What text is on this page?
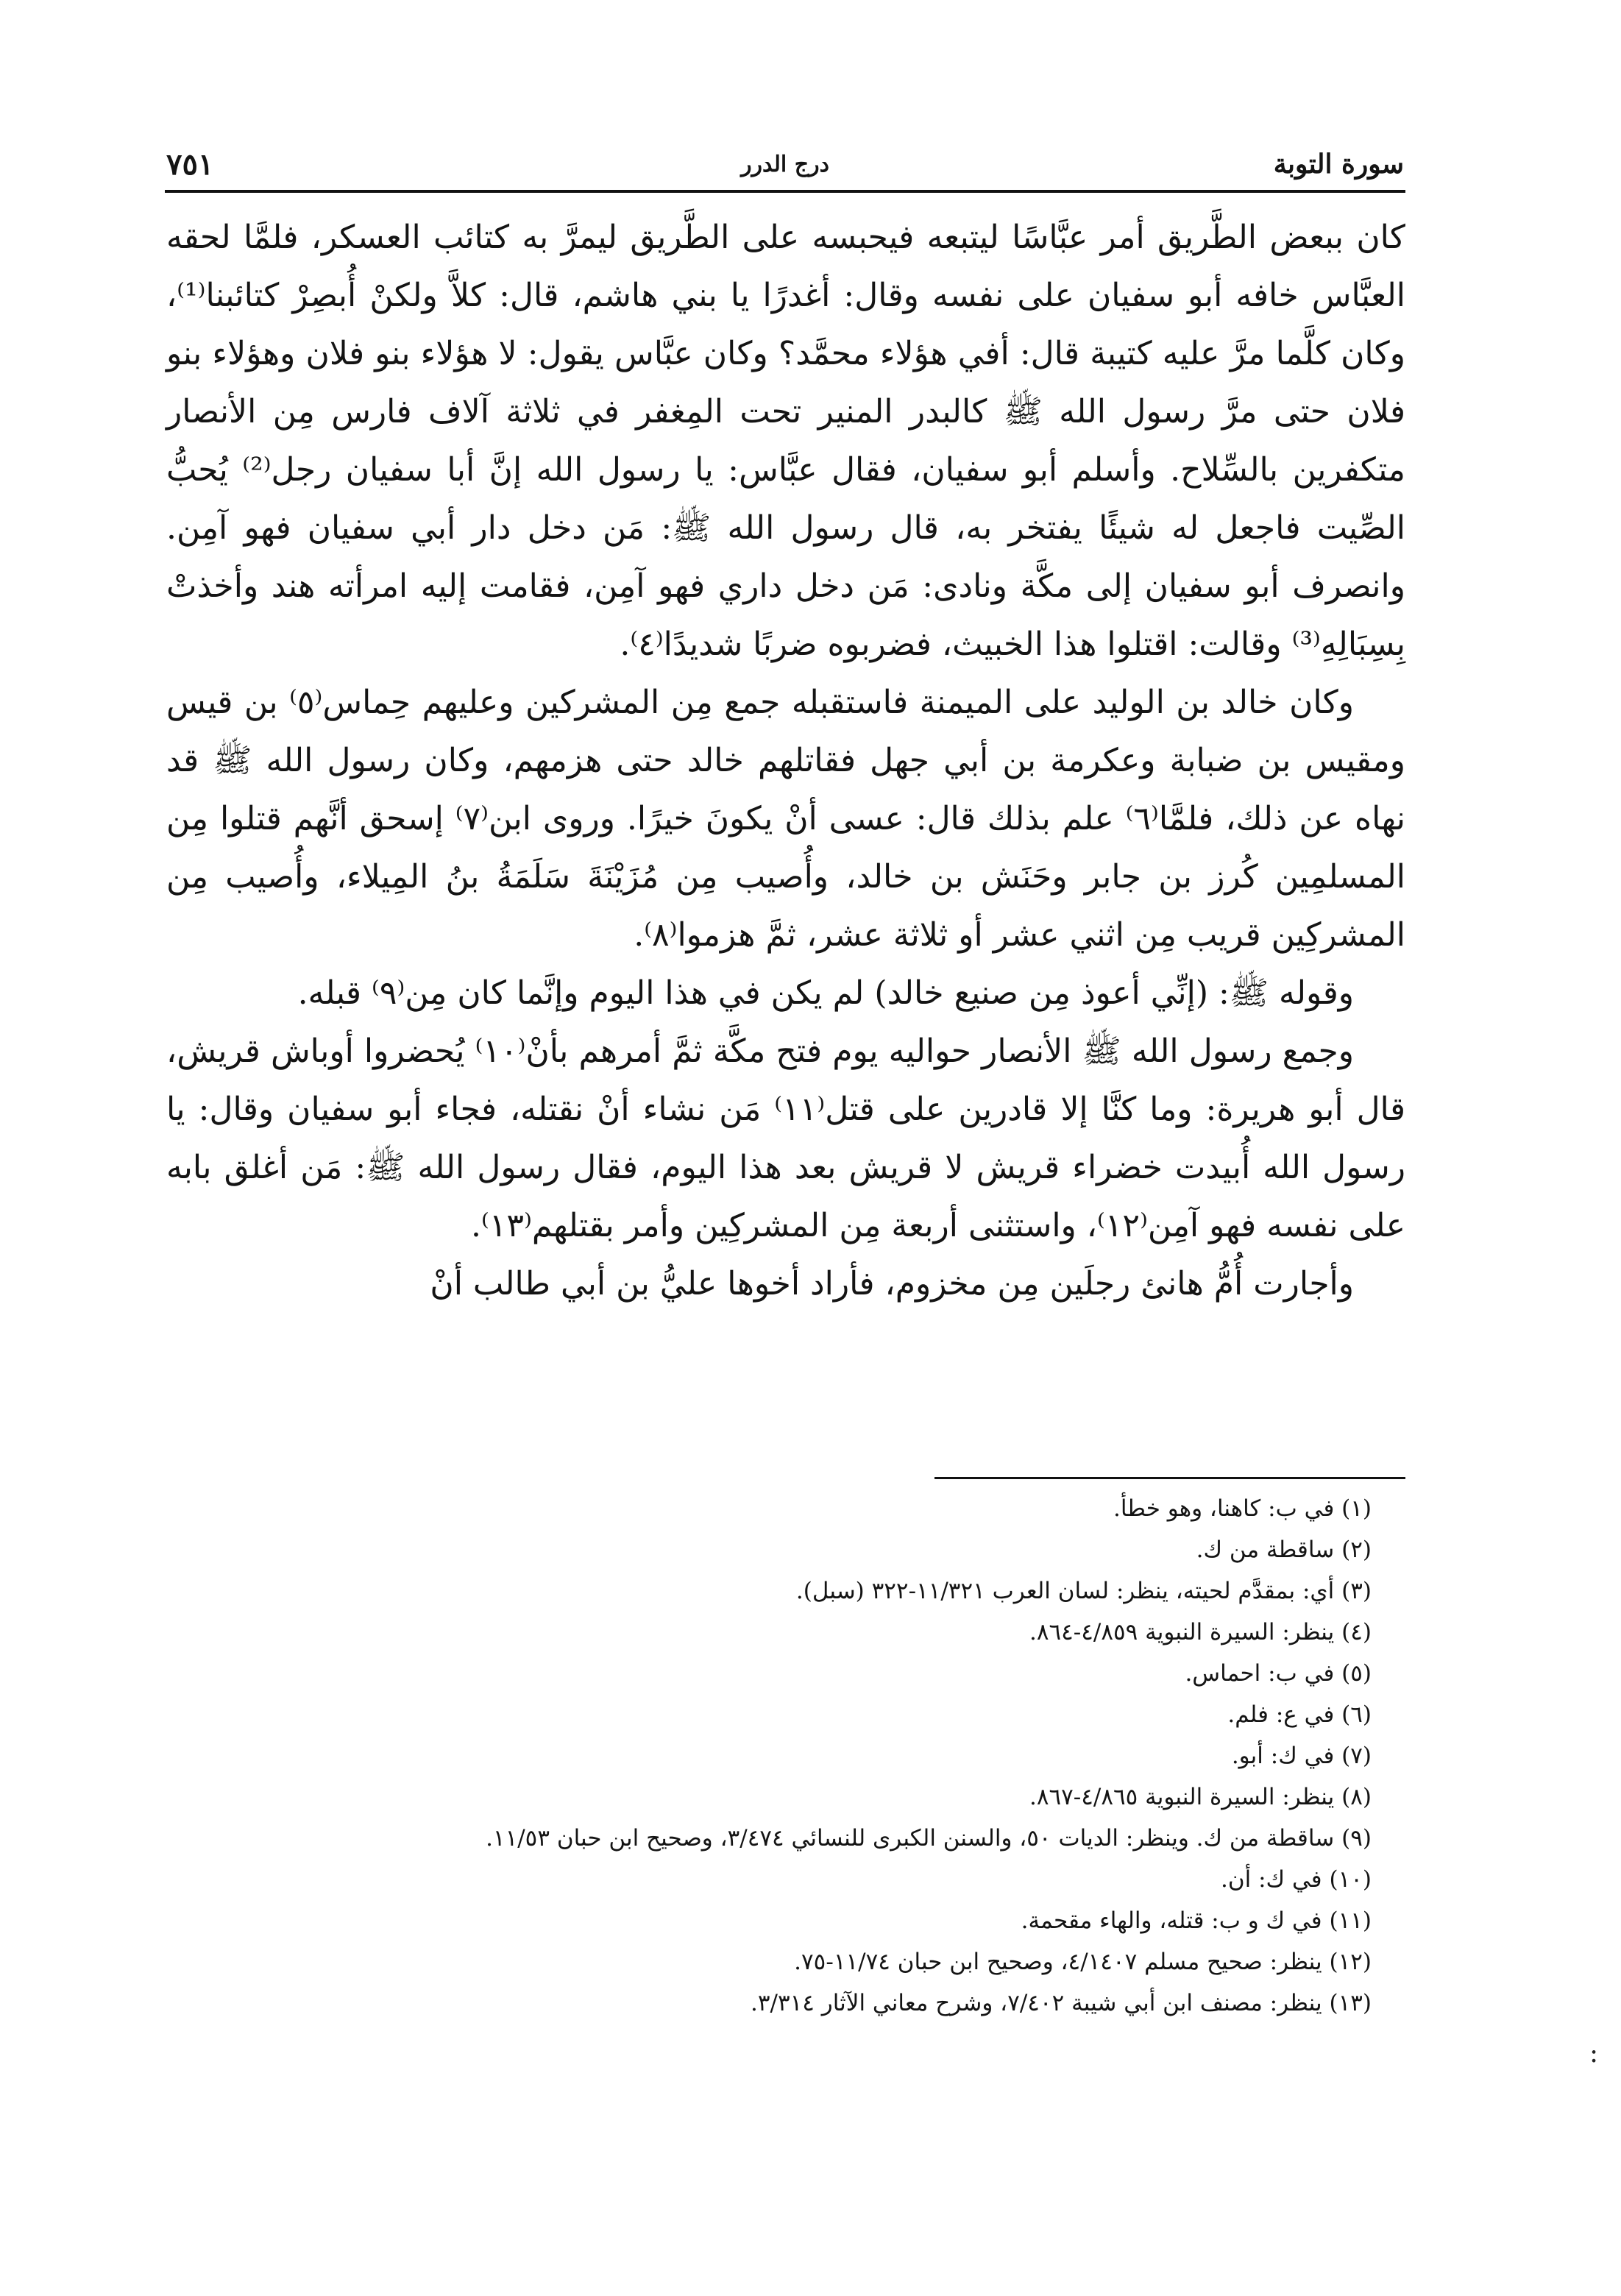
سورة التوبة
درج الدرر
٧٥١

كان ببعض الطَّريق أمر عبَّاسًا ليتبعه فيحبسه على الطَّريق ليمرَّ به كتائب العسكر، فلمَّا لحقه العبَّاس خافه أبو سفيان على نفسه وقال: أغدرًا يا بني هاشم، قال: كلاَّ ولكنْ أُبصِرْ كتائبنا⁽¹⁾، وكان كلَّما مرَّ عليه كتيبة قال: أفي هؤلاء محمَّد؟ وكان عبَّاس يقول: لا هؤلاء بنو فلان وهؤلاء بنو فلان حتى مرَّ رسول الله ﷺ كالبدر المنير تحت المِغفر في ثلاثة آلاف فارس مِن الأنصار متكفرين بالسِّلاح. وأسلم أبو سفيان، فقال عبَّاس: يا رسول الله إنَّ أبا سفيان رجل⁽²⁾ يُحبُّ الصِّيت فاجعل له شيئًا يفتخر به، قال رسول الله ﷺ: مَن دخل دار أبي سفيان فهو آمِن. وانصرف أبو سفيان إلى مكَّة ونادى: مَن دخل داري فهو آمِن، فقامت إليه امرأته هند وأخذتْ بِسِبَالِهِ⁽³⁾ وقالت: اقتلوا هذا الخبيث، فضربوه ضربًا شديدًا⁽٤⁾.

وكان خالد بن الوليد على الميمنة فاستقبله جمع مِن المشركين وعليهم حِماس⁽٥⁾ بن قيس ومقيس بن ضبابة وعكرمة بن أبي جهل فقاتلهم خالد حتى هزمهم، وكان رسول الله ﷺ قد نهاه عن ذلك، فلمَّا⁽٦⁾ علم بذلك قال: عسى أنْ يكونَ خيرًا. وروى ابن⁽٧⁾ إسحق أنَّهم قتلوا مِن المسلمِين كُرز بن جابر وحَنَش بن خالد، وأُصيب مِن مُزَيْنَةَ سَلَمَةُ بنُ المِيلاء، وأُصيب مِن المشركِين قريب مِن اثني عشر أو ثلاثة عشر، ثمَّ هزموا⁽٨⁾.

وقوله ﷺ: (إنِّي أعوذ مِن صنيع خالد) لم يكن في هذا اليوم وإنَّما كان مِن⁽٩⁾ قبله.

وجمع رسول الله ﷺ الأنصار حواليه يوم فتح مكَّة ثمَّ أمرهم بأنْ⁽١٠⁾ يُحضروا أوباش قريش، قال أبو هريرة: وما كنَّا إلا قادرين على قتل⁽١١⁾ مَن نشاء أنْ نقتله، فجاء أبو سفيان وقال: يا رسول الله أُبيدت خضراء قريش لا قريش بعد هذا اليوم، فقال رسول الله ﷺ: مَن أغلق بابه على نفسه فهو آمِن⁽١٢⁾، واستثنى أربعة مِن المشركِين وأمر بقتلهم⁽١٣⁾.

وأجارت أُمُّ هانئ رجلَين مِن مخزوم، فأراد أخوها عليُّ بن أبي طالب أنْ

(١) في ب: كاهنا، وهو خطأ.

(٢) ساقطة من ك.

(٣) أي: بمقدَّم لحيته، ينظر: لسان العرب ١١/٣٢١-٣٢٢ (سبل).

(٤) ينظر: السيرة النبوية ٤/٨٥٩-٨٦٤.

(٥) في ب: احماس.

(٦) في ع: فلم.

(٧) في ك: أبو.

(٨) ينظر: السيرة النبوية ٤/٨٦٥-٨٦٧.

(٩) ساقطة من ك. وينظر: الديات ٥٠، والسنن الكبرى للنسائي ٣/٤٧٤، وصحيح ابن حبان ١١/٥٣.

(١٠) في ك: أن.

(١١) في ك و ب: قتله، والهاء مقحمة.

(١٢) ينظر: صحيح مسلم ٤/١٤٠٧، وصحيح ابن حبان ١١/٧٤-٧٥.

(١٣) ينظر: مصنف ابن أبي شيبة ٧/٤٠٢، وشرح معاني الآثار ٣/٣١٤.

:
